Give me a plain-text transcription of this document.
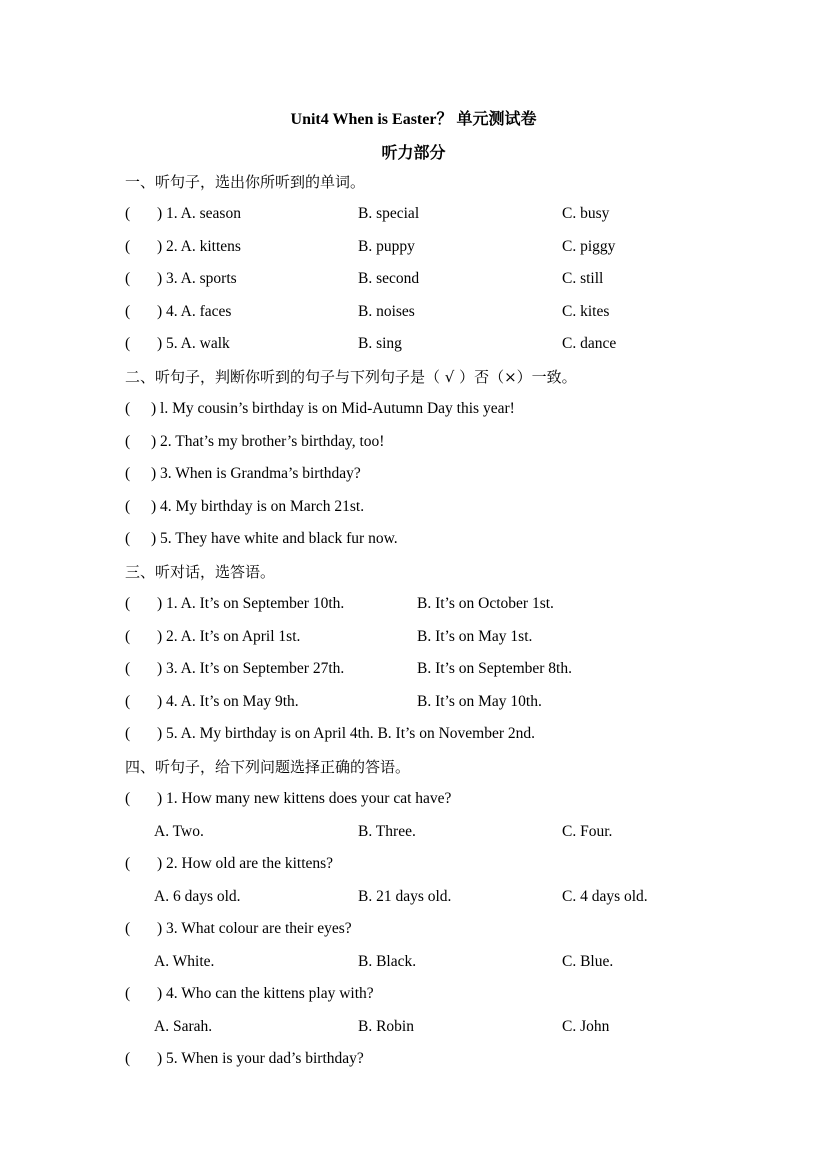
Unit4 When is Easter？ 单元测试卷
听力部分
一、听句子，选出你所听到的单词。
( ) 1. A. season	B. special	C. busy
( ) 2. A. kittens	B. puppy	C. piggy
( ) 3. A. sports	B. second	C. still
( ) 4. A. faces	B. noises	C. kites
( ) 5. A. walk	B. sing	C. dance
二、听句子，判断你听到的句子与下列句子是（ √ ）否（×）一致。
( ) l. My cousin’s birthday is on Mid-Autumn Day this year!
( ) 2. That’s my brother’s birthday, too!
( ) 3. When is Grandma’s birthday?
( ) 4. My birthday is on March 21st.
( ) 5. They have white and black fur now.
三、听对话，选答语。
( ) 1. A. It’s on September 10th.	B. It’s on October 1st.
( ) 2. A. It’s on April 1st.	B. It’s on May 1st.
( ) 3. A. It’s on September 27th.	B. It’s on September 8th.
( ) 4. A. It’s on May 9th.	B. It’s on May 10th.
( ) 5. A. My birthday is on April 4th. B. It’s on November 2nd.
四、听句子，给下列问题选择正确的答语。
( ) 1. How many new kittens does your cat have?
A. Two.	B. Three.	C. Four.
( ) 2. How old are the kittens?
A. 6 days old.	B. 21 days old.	C. 4 days old.
( ) 3. What colour are their eyes?
A. White.	B. Black.	C. Blue.
( ) 4. Who can the kittens play with?
A. Sarah.	B. Robin	C. John
( ) 5. When is your dad’s birthday?
